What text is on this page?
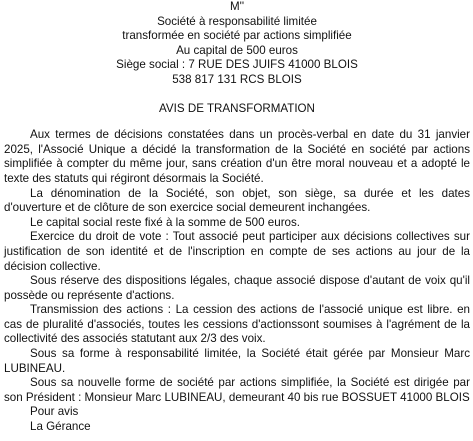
M''

Société à responsabilité limitée

transformée en société par actions simplifiée

Au capital de 500 euros

Siège social : 7 RUE DES JUIFS 41000 BLOIS

538 817 131 RCS BLOIS

AVIS DE TRANSFORMATION

Aux termes de décisions constatées dans un procès-verbal en date du 31 janvier 2025, l'Associé Unique a décidé la transformation de la Société en société par actions simplifiée à compter du même jour, sans création d'un être moral nouveau et a adopté le texte des statuts qui régiront désormais la Société.

La dénomination de la Société, son objet, son siège, sa durée et les dates d'ouverture et de clôture de son exercice social demeurent inchangées.

Le capital social reste fixé à la somme de 500 euros.

Exercice du droit de vote : Tout associé peut participer aux décisions collectives sur justification de son identité et de l'inscription en compte de ses actions au jour de la décision collective.

Sous réserve des dispositions légales, chaque associé dispose d'autant de voix qu'il possède ou représente d'actions.

Transmission des actions : La cession des actions de l'associé unique est libre. en cas de pluralité d'associés, toutes les cessions d'actionssont soumises à l'agrément de la collectivité des associés statutant aux 2/3 des voix.

Sous sa forme à responsabilité limitée, la Société était gérée par Monsieur Marc LUBINEAU.

Sous sa nouvelle forme de société par actions simplifiée, la Société est dirigée par son Président : Monsieur Marc LUBINEAU, demeurant 40 bis rue BOSSUET 41000 BLOIS

Pour avis

La Gérance
